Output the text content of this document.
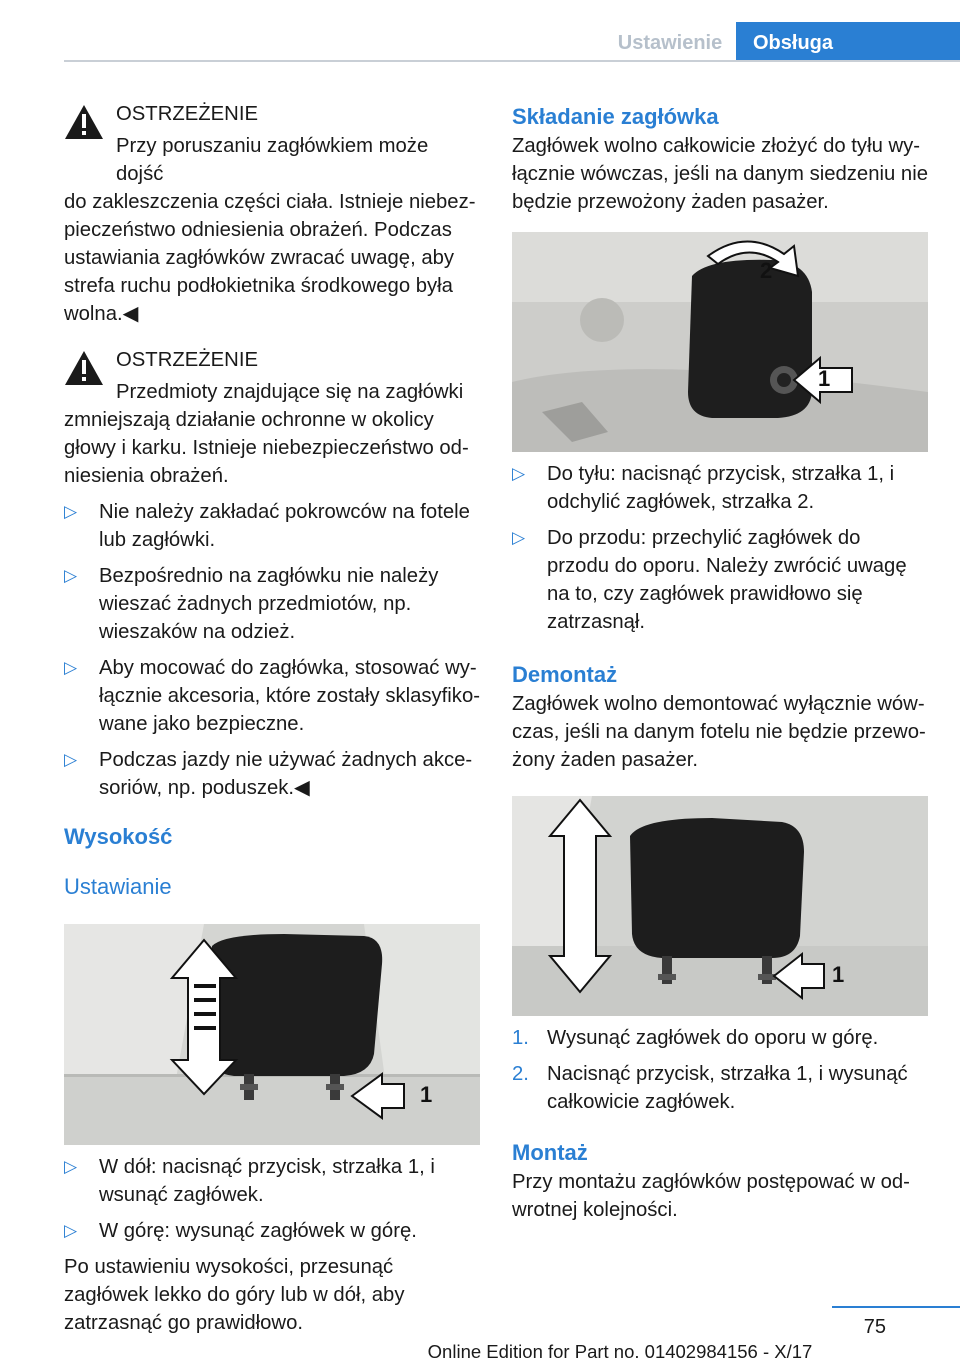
Ustawienie	Obsługa
OSTRZEŻENIE
Przy poruszaniu zagłówkiem może dojść
do zakleszczenia części ciała. Istnieje niebezpieczeństwo odniesienia obrażeń. Podczas ustawiania zagłówków zwracać uwagę, aby strefa ruchu podłokietnika środkowego była wolna.◀
OSTRZEŻENIE
Przedmioty znajdujące się na zagłówki
zmniejszają działanie ochronne w okolicy głowy i karku. Istnieje niebezpieczeństwo odniesienia obrażeń.
▷ Nie należy zakładać pokrowców na fotele lub zagłówki.
▷ Bezpośrednio na zagłówku nie należy wieszać żadnych przedmiotów, np. wieszaków na odzież.
▷ Aby mocować do zagłówka, stosować wyłącznie akcesoria, które zostały sklasyfikowane jako bezpieczne.
▷ Podczas jazdy nie używać żadnych akcesoriów, np. poduszek.◀
Wysokość
Ustawianie
1
▷ W dół: nacisnąć przycisk, strzałka 1, i wsunąć zagłówek.
▷ W górę: wysunąć zagłówek w górę.

Po ustawieniu wysokości, przesunąć zagłówek lekko do góry lub w dół, aby zatrzasnąć go prawidłowo.

Składanie zagłówka

Zagłówek wolno całkowicie złożyć do tyłu wyłącznie wówczas, jeśli na danym siedzeniu nie będzie przewożony żaden pasażer.

2
1
▷ Do tyłu: nacisnąć przycisk, strzałka 1, i odchylić zagłówek, strzałka 2.
▷ Do przodu: przechylić zagłówek do przodu do oporu. Należy zwrócić uwagę na to, czy zagłówek prawidłowo się zatrzasnął.
Demontaż

Zagłówek wolno demontować wyłącznie wówczas, jeśli na danym fotelu nie będzie przewożony żaden pasażer.

1
1. Wysunąć zagłówek do oporu w górę.
2. Nacisnąć przycisk, strzałka 1, i wysunąć całkowicie zagłówek.
Montaż

Przy montażu zagłówków postępować w odwrotnej kolejności.

75
Online Edition for Part no. 01402984156 - X/17
